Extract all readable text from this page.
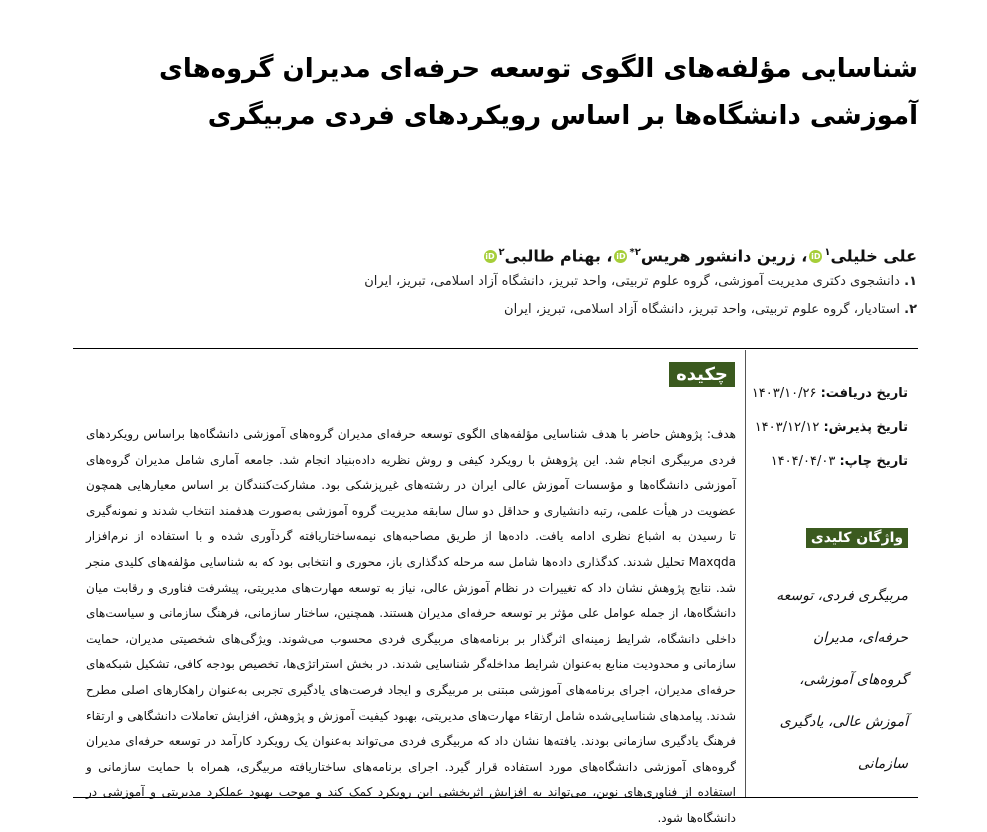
شناسایی مؤلفه‌های الگوی توسعه حرفه‌ای مدیران گروه‌های آموزشی دانشگاه‌ها بر اساس رویکردهای فردی مربیگری
علی خلیلی$^۱$iD، زرین دانشور هریس$^{۲*}$iD، بهنام طالبی$^۲$iD
۱. دانشجوی دکتری مدیریت آموزشی، گروه علوم تربیتی، واحد تبریز، دانشگاه آزاد اسلامی، تبریز، ایران
۲. استادیار، گروه علوم تربیتی، واحد تبریز، دانشگاه آزاد اسلامی، تبریز، ایران
چکیده
تاریخ دریافت: ۱۴۰۳/۱۰/۲۶
تاریخ پذیرش: ۱۴۰۳/۱۲/۱۲
تاریخ چاپ: ۱۴۰۴/۰۴/۰۳

هدف: پژوهش حاضر با هدف شناسایی مؤلفه‌های الگوی توسعه حرفه‌ای مدیران گروه‌های آموزشی دانشگاه‌ها براساس رویکردهای فردی مربیگری انجام شد. این پژوهش با رویکرد کیفی و روش نظریه داده‌بنیاد انجام شد. جامعه آماری شامل مدیران گروه‌های آموزشی دانشگاه‌ها و مؤسسات آموزش عالی ایران در رشته‌های غیرپزشکی بود. مشارکت‌کنندگان بر اساس معیارهایی همچون عضویت در هیأت علمی، رتبه دانشیاری و حداقل دو سال سابقه مدیریت گروه آموزشی به‌صورت هدفمند انتخاب شدند و نمونه‌گیری تا رسیدن به اشباع نظری ادامه یافت. داده‌ها از طریق مصاحبه‌های نیمه‌ساختاریافته گردآوری شده و با استفاده از نرم‌افزار Maxqda تحلیل شدند. کدگذاری داده‌ها شامل سه مرحله کدگذاری باز، محوری و انتخابی بود که به شناسایی مؤلفه‌های کلیدی منجر شد. نتایج پژوهش نشان داد که تغییرات در نظام آموزش عالی، نیاز به توسعه مهارت‌های مدیریتی، پیشرفت فناوری و رقابت میان دانشگاه‌ها، از جمله عوامل علی مؤثر بر توسعه حرفه‌ای مدیران هستند. همچنین، ساختار سازمانی، فرهنگ سازمانی و سیاست‌های داخلی دانشگاه، شرایط زمینه‌ای اثرگذار بر برنامه‌های مربیگری فردی محسوب می‌شوند. ویژگی‌های شخصیتی مدیران، حمایت سازمانی و محدودیت منابع به‌عنوان شرایط مداخله‌گر شناسایی شدند. در بخش استراتژی‌ها، تخصیص بودجه کافی، تشکیل شبکه‌های حرفه‌ای مدیران، اجرای برنامه‌های آموزشی مبتنی بر مربیگری و ایجاد فرصت‌های یادگیری تجربی به‌عنوان راهکارهای اصلی مطرح شدند. پیامدهای شناسایی‌شده شامل ارتقاء مهارت‌های مدیریتی، بهبود کیفیت آموزش و پژوهش، افزایش تعاملات دانشگاهی و ارتقاء فرهنگ یادگیری سازمانی بودند. یافته‌ها نشان داد که مربیگری فردی می‌تواند به‌عنوان یک رویکرد کارآمد در توسعه حرفه‌ای مدیران گروه‌های آموزشی دانشگاه‌های مورد استفاده قرار گیرد. اجرای برنامه‌های ساختاریافته مربیگری، همراه با حمایت سازمانی و استفاده از فناوری‌های نوین، می‌تواند به افزایش اثربخشی این رویکرد کمک کند و موجب بهبود عملکرد مدیریتی و آموزشی در دانشگاه‌ها شود.

واژگان کلیدی
مربیگری فردی، توسعه حرفه‌ای، مدیران گروه‌های آموزشی، آموزش عالی، یادگیری سازمانی
